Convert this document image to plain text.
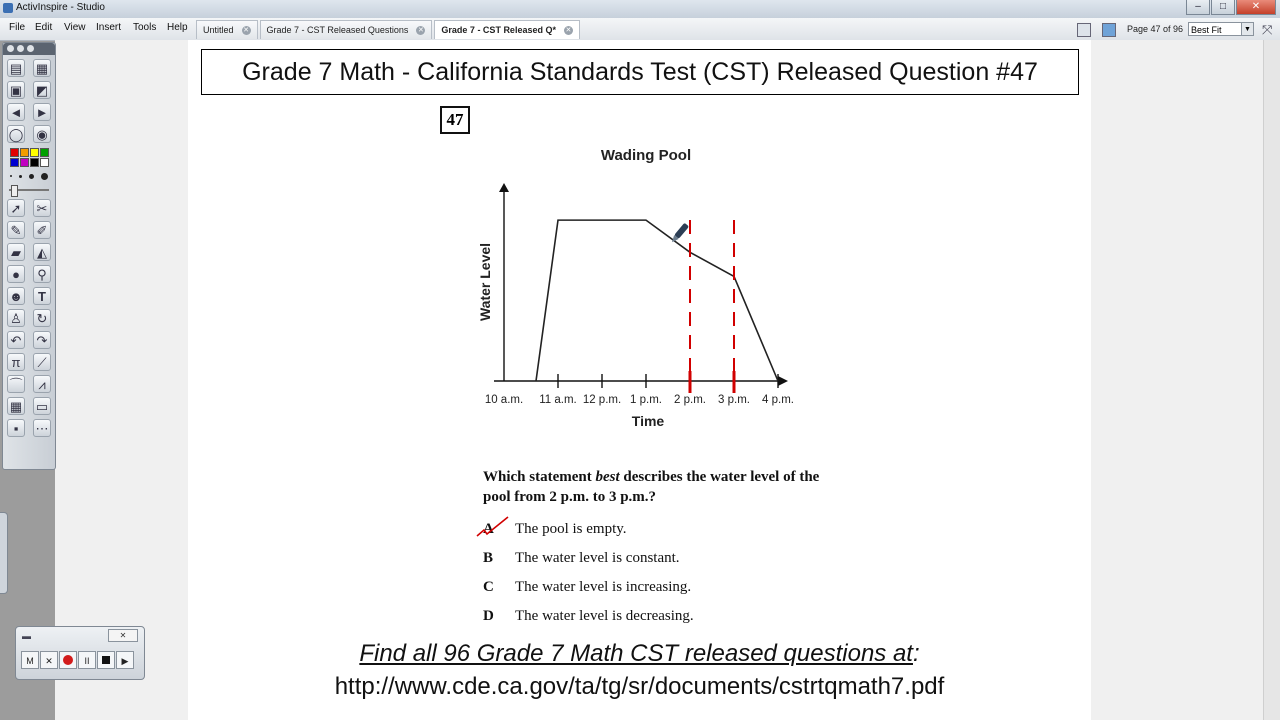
ActivInspire - Studio	–	□	✕
File Edit View Insert Tools Help Untitled ✕ Grade 7 - CST Released Questions ✕ Grade 7 - CST Released Q* ✕	Page 47 of 96 Best Fit	▼ ⤧
▤ ▦
▣ ◩
◄ ►
◯ ◉
➚ ✂
✎ ✐
▰	◭
●	⚲
☻	T
♙ ↻
↶ ↷
π	⟋
⌒	⩘
▦ ▭
▪	⋯
▬	✕
M	✕	II	▶
Grade 7 Math - California Standards Test (CST) Released Question #47
47
Wading Pool
Water Level
Time
10 a.m. 11 a.m. 12 p.m. 1 p.m. 2 p.m. 3 p.m. 4 p.m.
Which statement best describes the water level of the pool from 2 p.m. to 3 p.m.?
A The pool is empty.
B The water level is constant.
C The water level is increasing.
D The water level is decreasing.
Find all 96 Grade 7 Math CST released questions at:
http://www.cde.ca.gov/ta/tg/sr/documents/cstrtqmath7.pdf
